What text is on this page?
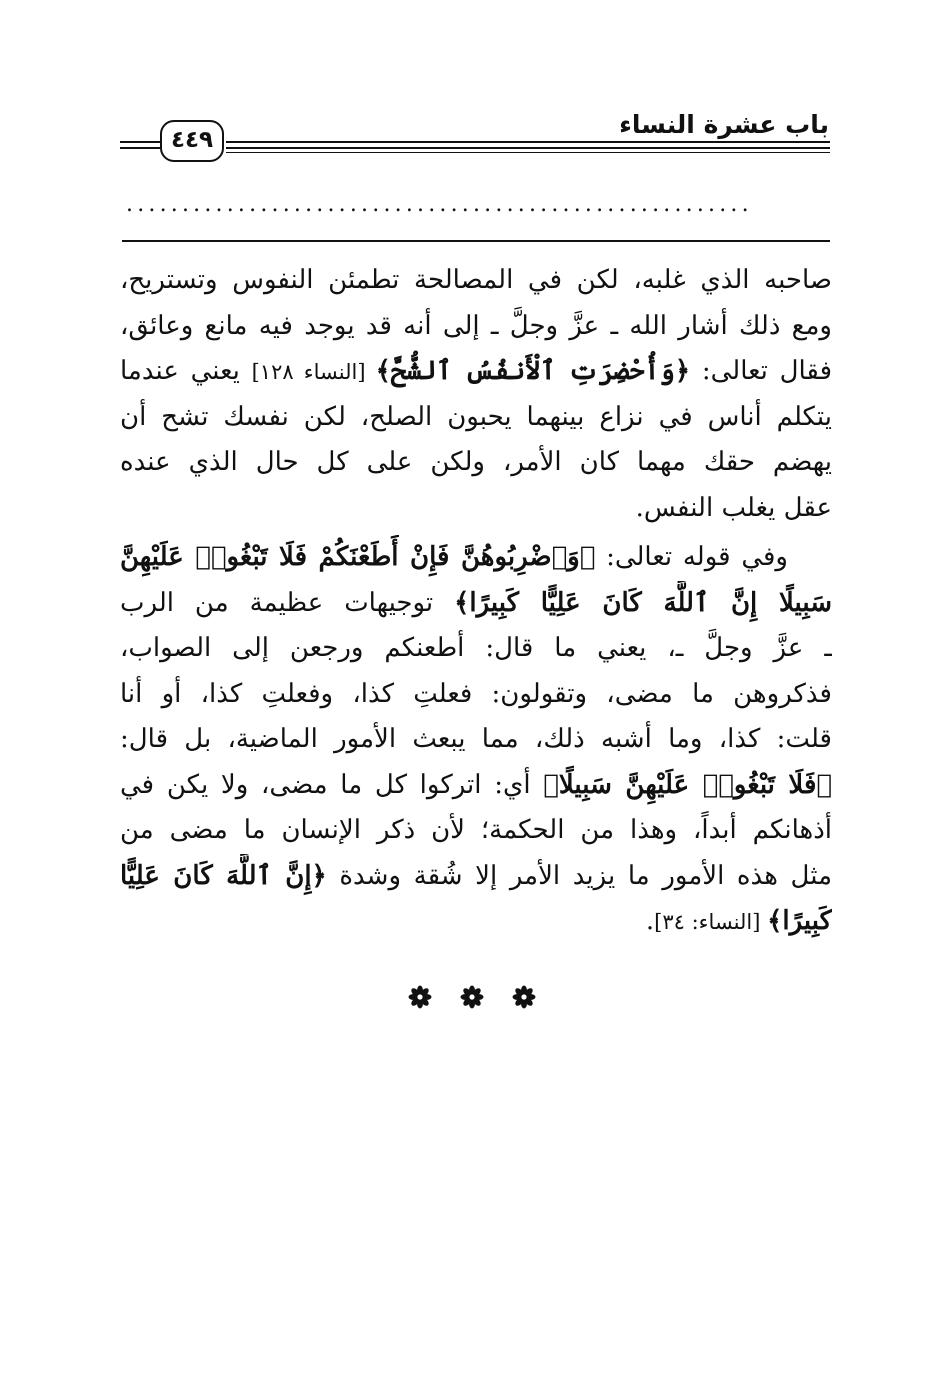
باب عشرة النساء
٤٤٩
........................................................
صاحبه الذي غلبه، لكن في المصالحة تطمئن النفوس وتستريح،
ومع ذلك أشار الله ـ عزَّ وجلَّ ـ إلى أنه قد يوجد فيه مانع وعائق،
فقال تعالى: ﴿وَأُحْضِرَتِ ٱلْأَنفُسُ ٱلشُّحَّ﴾ [النساء ١٢٨] يعني عندما
يتكلم أناس في نزاع بينهما يحبون الصلح، لكن نفسك تشح أن
يهضم حقك مهما كان الأمر، ولكن على كل حال الذي عنده
عقل يغلب النفس.
وفي قوله تعالى: ﴿وَٱضْرِبُوهُنَّ فَإِنْ أَطَعْنَكُمْ فَلَا تَبْغُوا۟ عَلَيْهِنَّ
سَبِيلًا إِنَّ ٱللَّهَ كَانَ عَلِيًّا كَبِيرًا﴾ توجيهات عظيمة من الرب
ـ عزَّ وجلَّ ـ، يعني ما قال: أطعنكم ورجعن إلى الصواب،
فذكروهن ما مضى، وتقولون: فعلتِ كذا، وفعلتِ كذا، أو أنا
قلت: كذا، وما أشبه ذلك، مما يبعث الأمور الماضية، بل قال:
﴿فَلَا تَبْغُوا۟ عَلَيْهِنَّ سَبِيلًا﴾ أي: اتركوا كل ما مضى، ولا يكن في
أذهانكم أبداً، وهذا من الحكمة؛ لأن ذكر الإنسان ما مضى من
مثل هذه الأمور ما يزيد الأمر إلا شُقة وشدة ﴿إِنَّ ٱللَّهَ كَانَ عَلِيًّا
كَبِيرًا﴾ [النساء: ٣٤].
